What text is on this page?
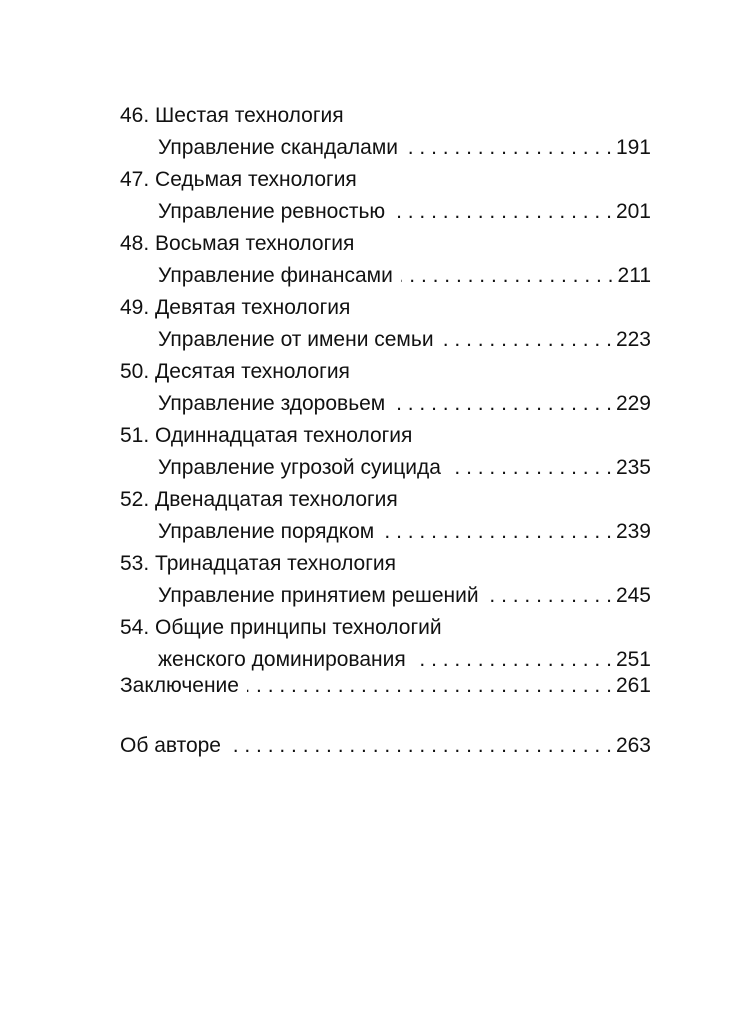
46. Шестая технология
Управление скандалами . . .	191
47. Седьмая технология
Управление ревностью . . .	201
48. Восьмая технология
Управление финансами . . .	211
49. Девятая технология
Управление от имени семьи . . .	223
50. Десятая технология
Управление здоровьем . . .	229
51. Одиннадцатая технология
Управление угрозой суицида . . .	235
52. Двенадцатая технология
Управление порядком . . .	239
53. Тринадцатая технология
Управление принятием решений . . .	245
54. Общие принципы технологий
женского доминирования . . .	251
Заключение . . .	261
Об авторе . . .	263
